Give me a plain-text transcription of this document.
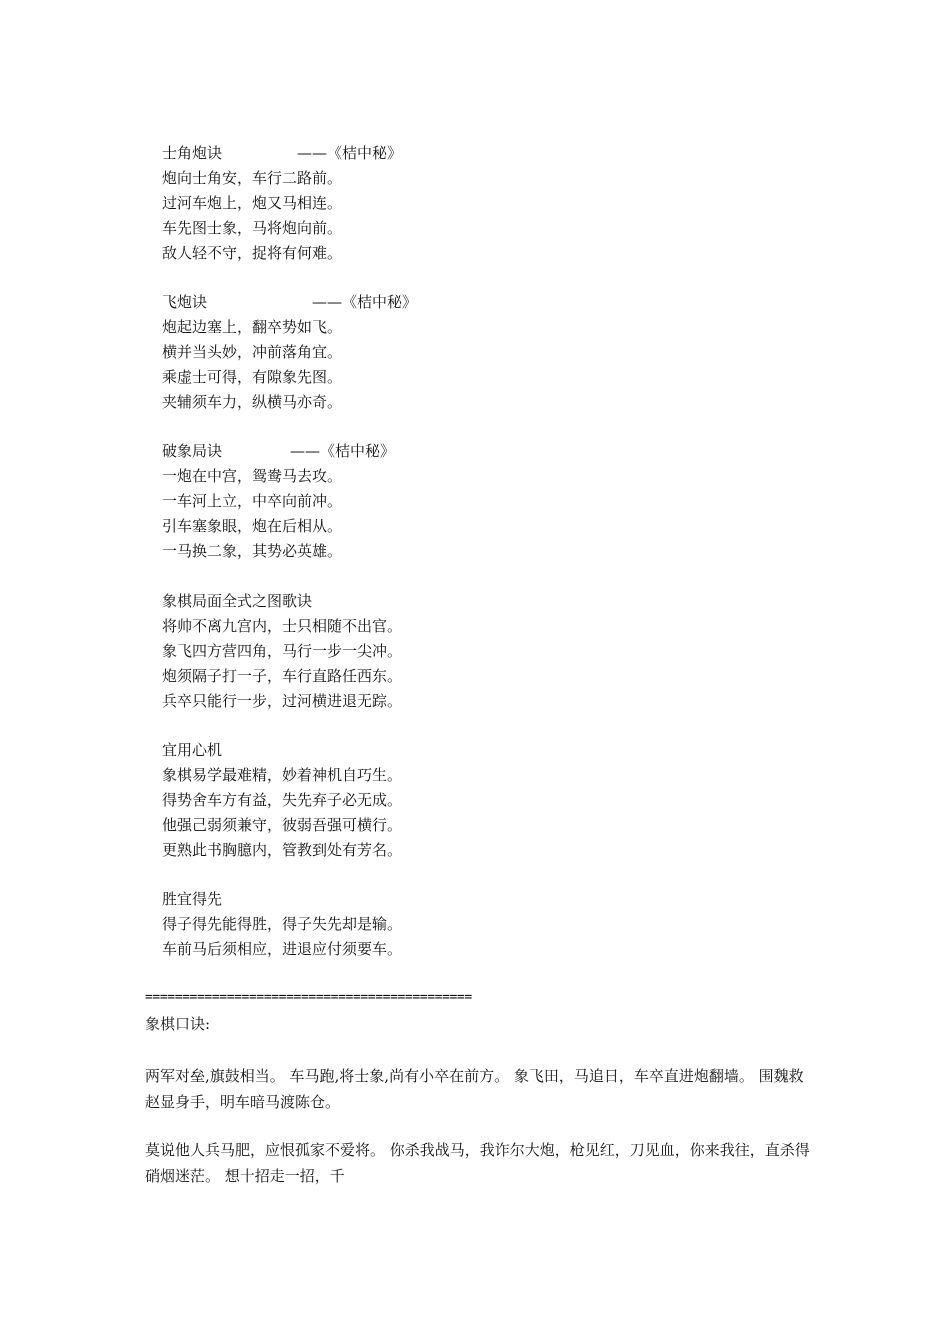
士角炮诀	——《桔中秘》
炮向士角安，车行二路前。
过河车炮上，炮又马相连。
车先图士象，马将炮向前。
敌人轻不守，捉将有何难。
飞炮诀	——《桔中秘》
炮起边塞上，翻卒势如飞。
横并当头妙，冲前落角宜。
乘虚士可得，有隙象先图。
夹辅须车力，纵横马亦奇。
破象局诀	——《桔中秘》
一炮在中宫，鸳鸯马去攻。
一车河上立，中卒向前冲。
引车塞象眼，炮在后相从。
一马换二象，其势必英雄。
象棋局面全式之图歌诀
将帅不离九宫内，士只相随不出官。
象飞四方营四角，马行一步一尖冲。
炮须隔子打一子，车行直路任西东。
兵卒只能行一步，过河横进退无踪。
宜用心机
象棋易学最难精，妙着神机自巧生。
得势舍车方有益，失先弃子必无成。
他强己弱须兼守，彼弱吾强可横行。
更熟此书胸臆内，管教到处有芳名。
胜宜得先
得子得先能得胜，得子失先却是输。
车前马后须相应，进退应付须要车。
============================================
象棋口诀:
两军对垒,旗鼓相当。 车马跑,将士象,尚有小卒在前方。 象飞田，马追日，车卒直进炮翻墙。 围魏救赵显身手，明车暗马渡陈仓。
莫说他人兵马肥，应恨孤家不爱将。 你杀我战马，我诈尔大炮，枪见红，刀见血，你来我往，直杀得硝烟迷茫。 想十招走一招，千
